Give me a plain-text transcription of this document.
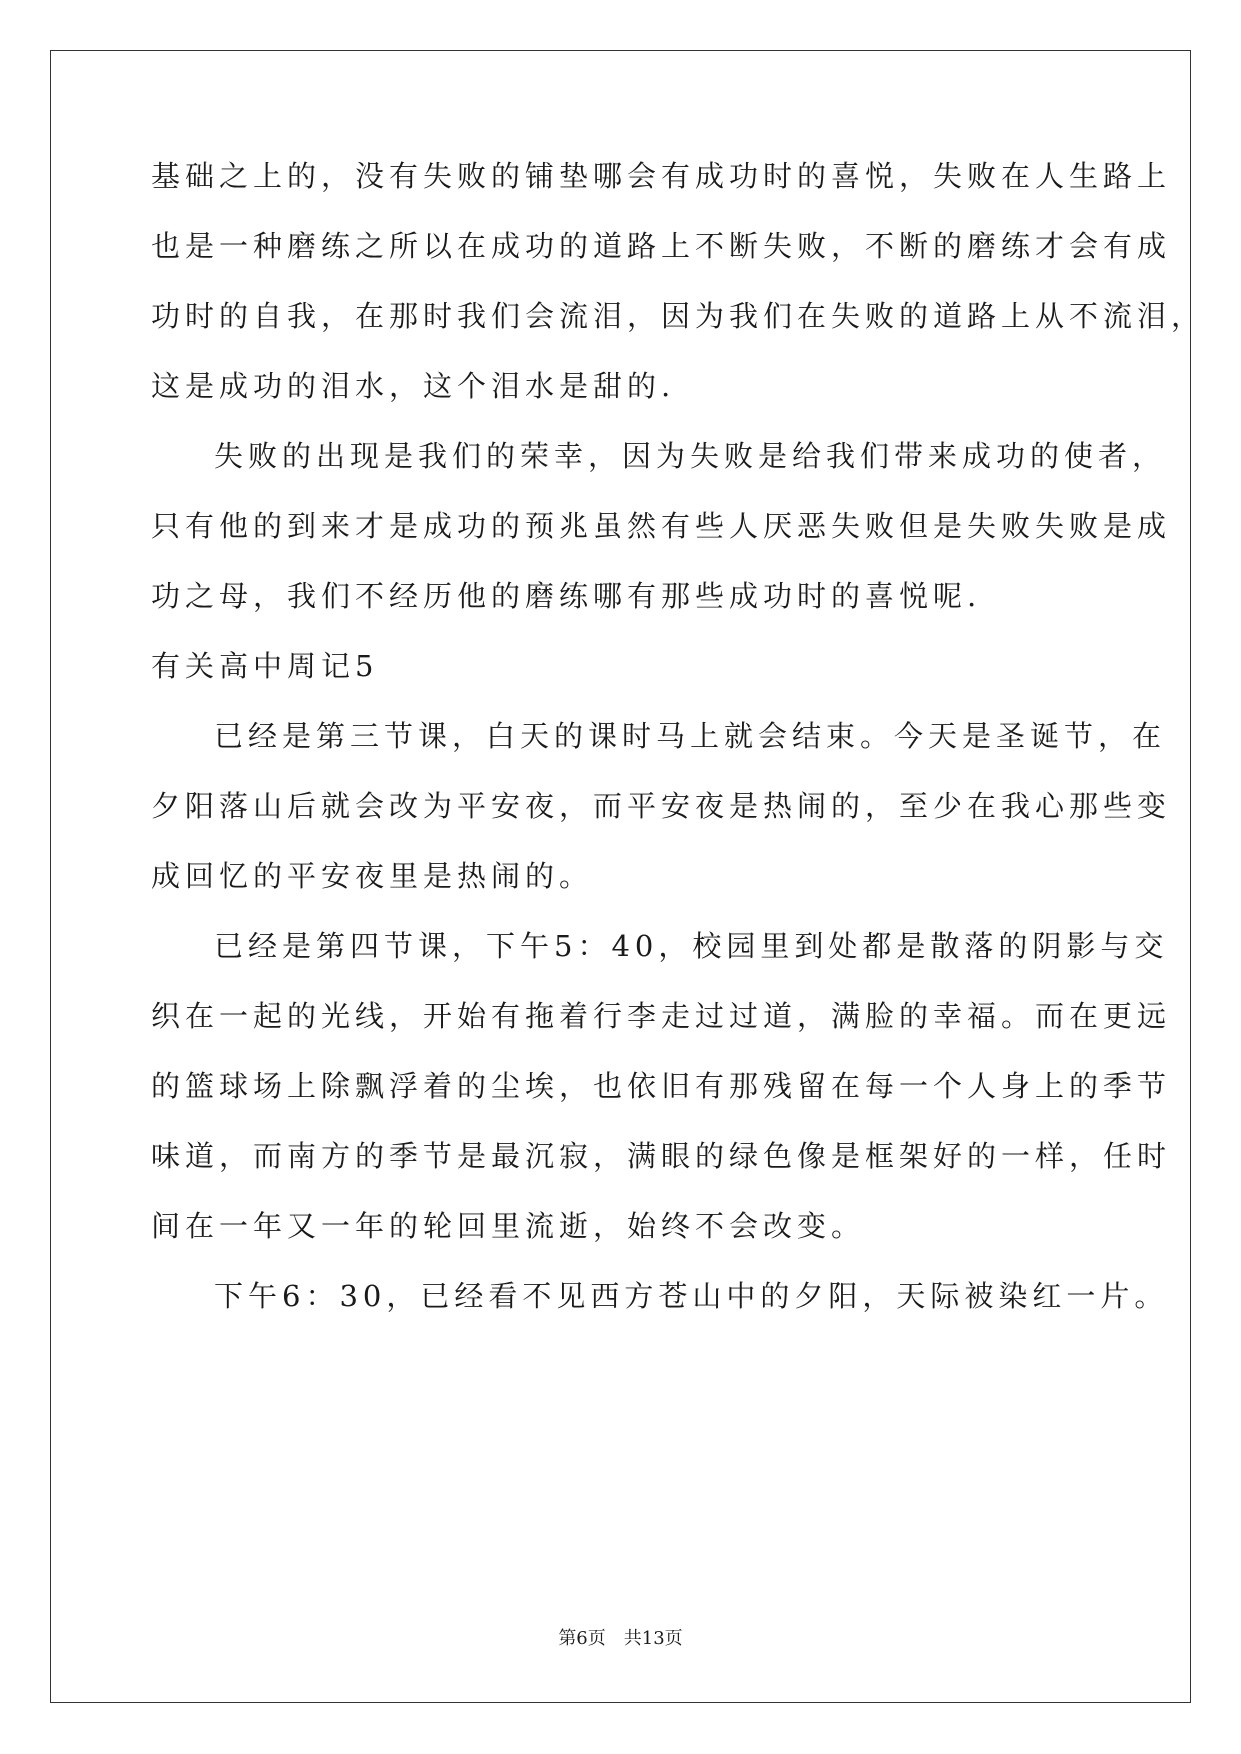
基础之上的，没有失败的铺垫哪会有成功时的喜悦，失败在人生路上
也是一种磨练之所以在成功的道路上不断失败，不断的磨练才会有成
功时的自我，在那时我们会流泪，因为我们在失败的道路上从不流泪，
这是成功的泪水，这个泪水是甜的.
失败的出现是我们的荣幸，因为失败是给我们带来成功的使者，
只有他的到来才是成功的预兆虽然有些人厌恶失败但是失败失败是成
功之母，我们不经历他的磨练哪有那些成功时的喜悦呢.
有关高中周记5
已经是第三节课，白天的课时马上就会结束。今天是圣诞节，在
夕阳落山后就会改为平安夜，而平安夜是热闹的，至少在我心那些变
成回忆的平安夜里是热闹的。
已经是第四节课，下午5：40，校园里到处都是散落的阴影与交
织在一起的光线，开始有拖着行李走过过道，满脸的幸福。而在更远
的篮球场上除飘浮着的尘埃，也依旧有那残留在每一个人身上的季节
味道，而南方的季节是最沉寂，满眼的绿色像是框架好的一样，任时
间在一年又一年的轮回里流逝，始终不会改变。
下午6：30，已经看不见西方苍山中的夕阳，天际被染红一片。
第6页 共13页
